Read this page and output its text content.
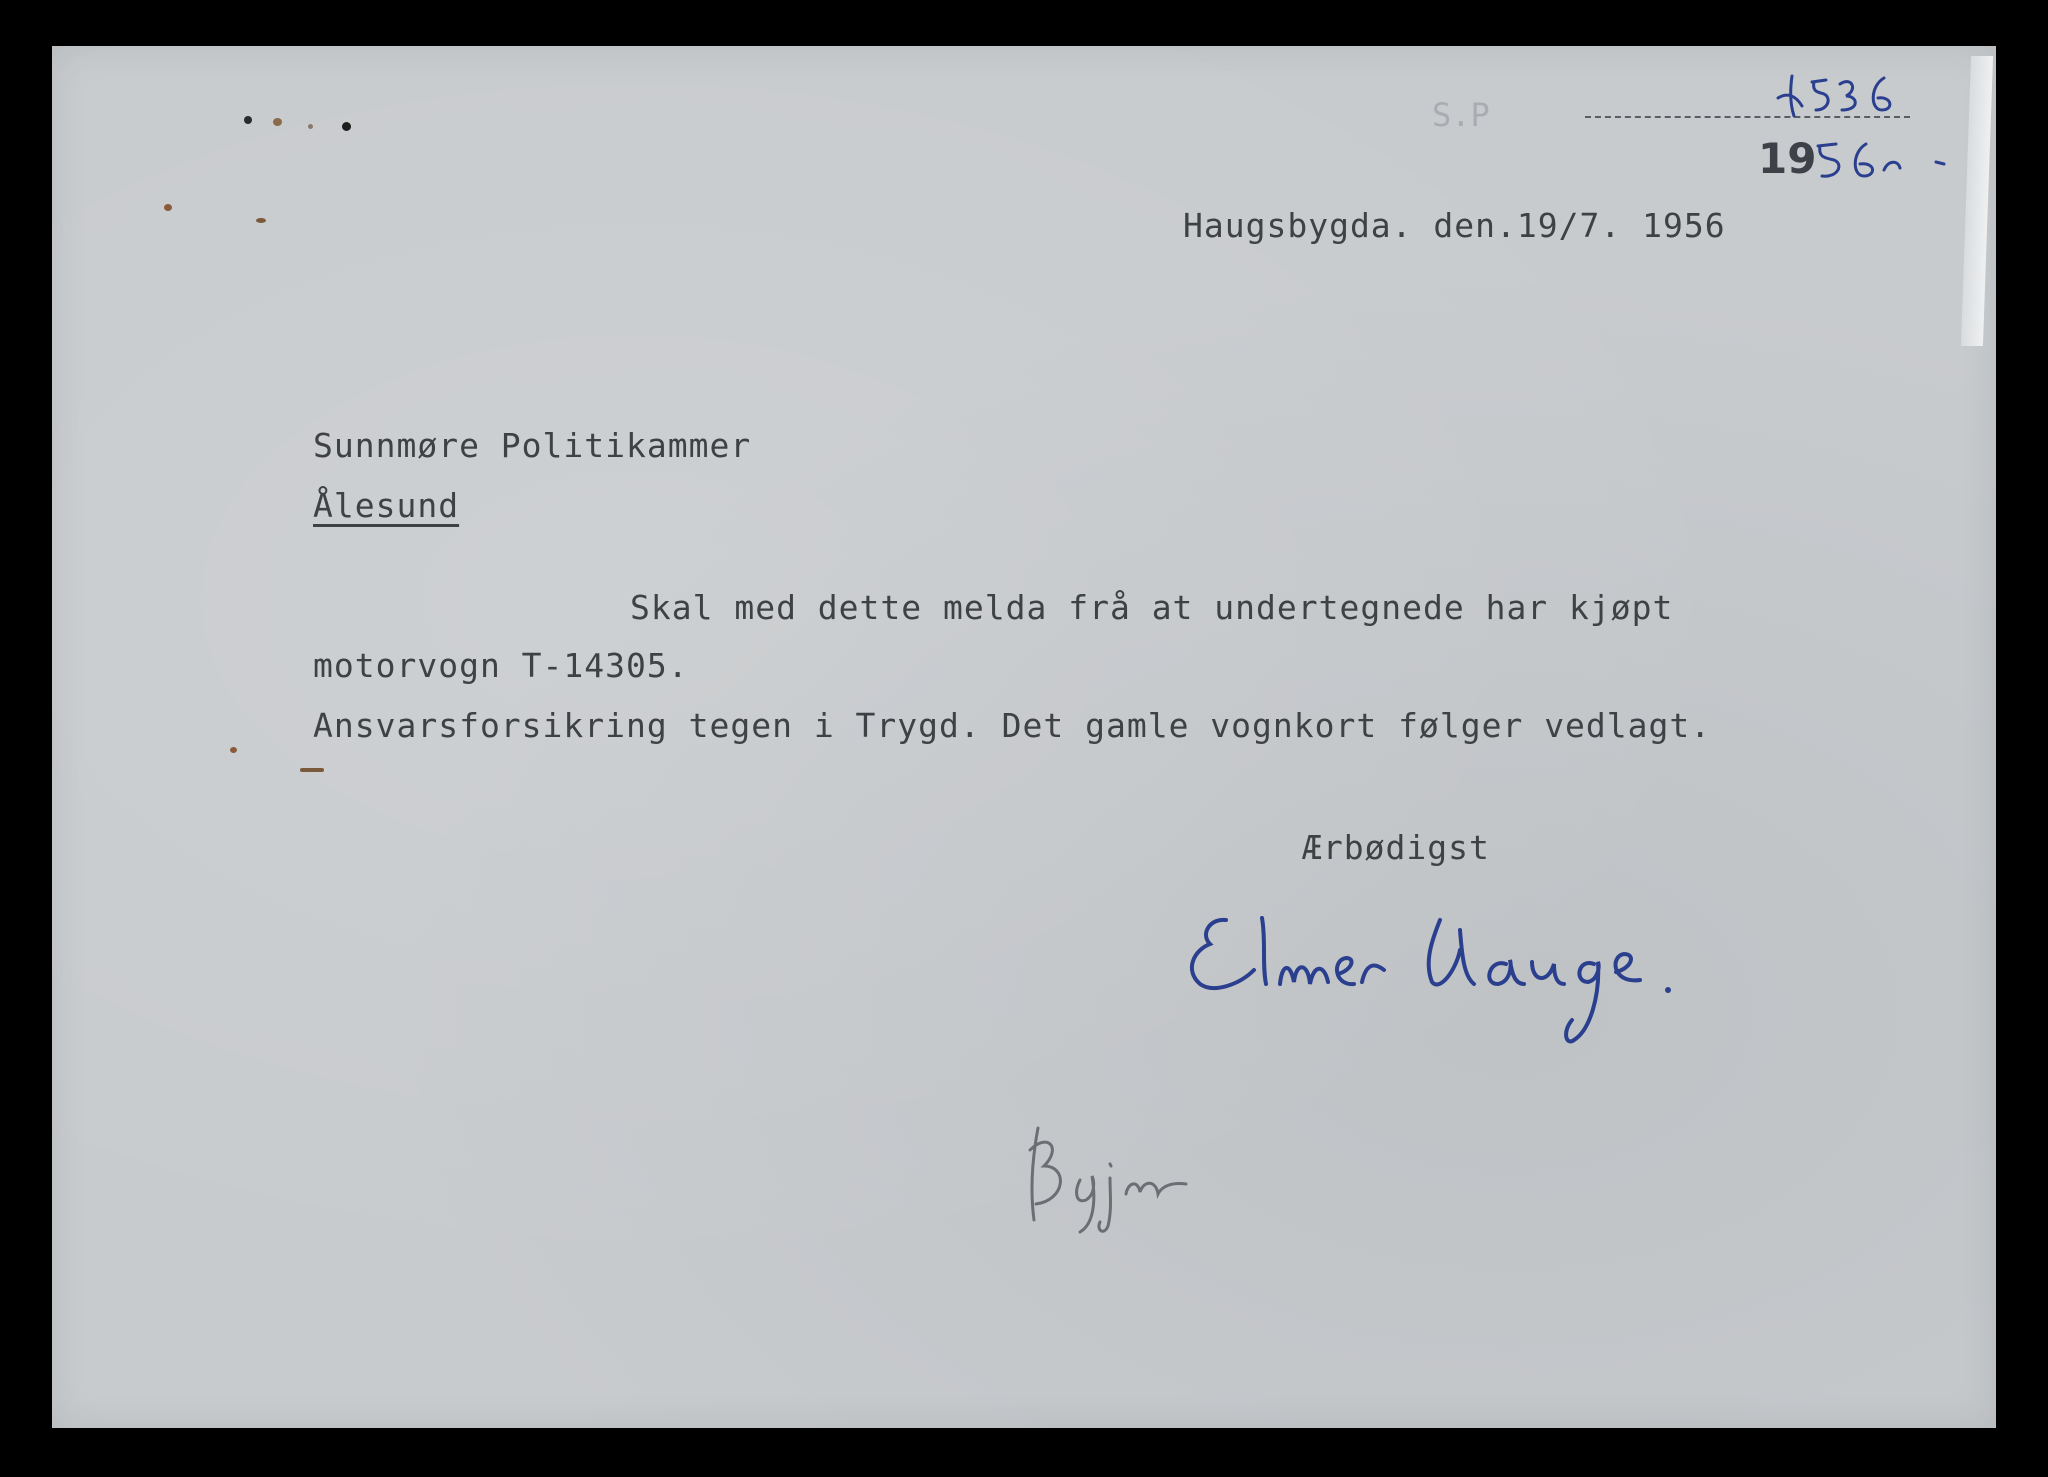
S.P
19
Haugsbygda. den.19/7. 1956
Sunnmøre Politikammer
Ålesund
Skal med dette melda frå at undertegnede har kjøpt
motorvogn T-14305.
Ansvarsforsikring tegen i Trygd. Det gamle vognkort følger vedlagt.
Ærbødigst
